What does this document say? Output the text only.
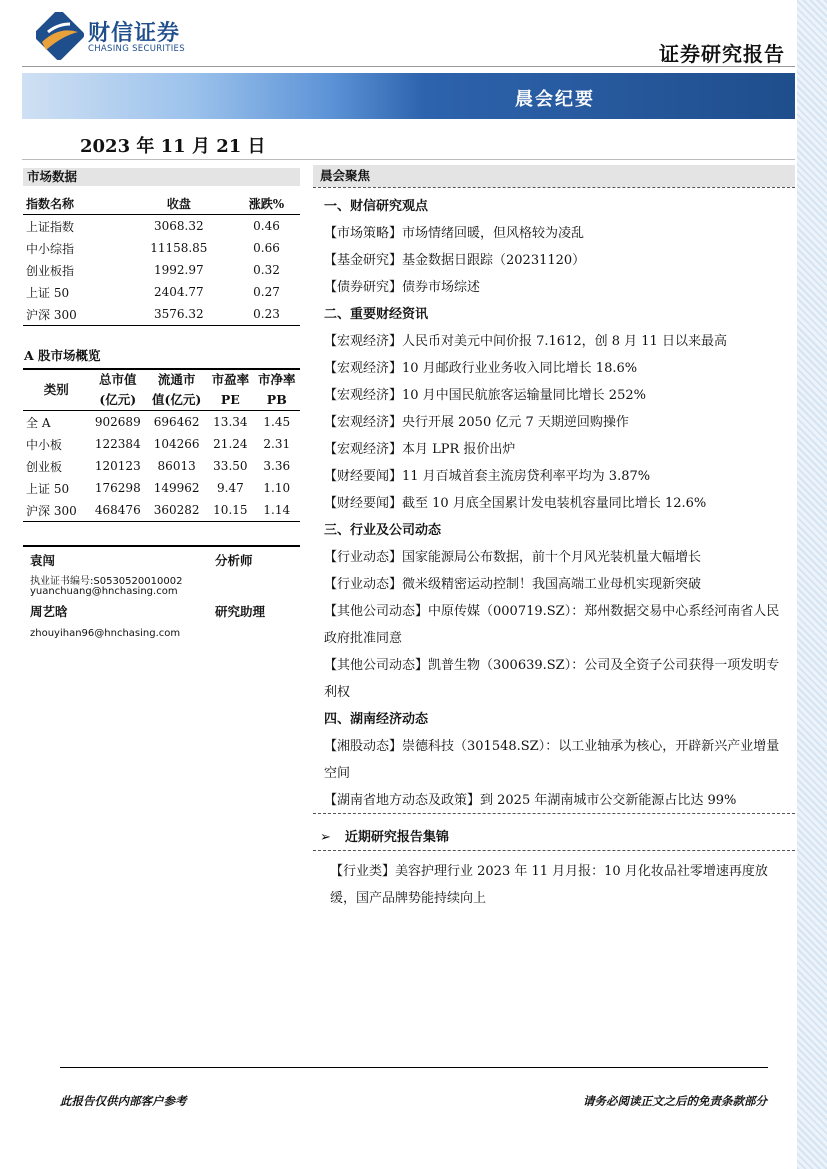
财信证券
CHASING SECURITIES	证券研究报告
晨会纪要
2023 年 11 月 21 日
市场数据
指数名称	收盘	涨跌%
上证指数	3068.32	0.46
中小综指	11158.85	0.66
创业板指	1992.97	0.32
上证 50	2404.77	0.27
沪深 300	3576.32	0.23
A 股市场概览
类别	总市值	流通市	市盈率	市净率
	(亿元)	值(亿元)	PE	PB
全 A	902689	696462	13.34	1.45
中小板	122384	104266	21.24	2.31
创业板	120123	86013	33.50	3.36
上证 50	176298	149962	9.47	1.10
沪深 300	468476	360282	10.15	1.14
袁闯	分析师
执业证书编号:S0530520010002
yuanchuang@hnchasing.com
周艺晗	研究助理
zhouyihan96@hnchasing.com
晨会聚焦
一、财信研究观点
【市场策略】市场情绪回暖，但风格较为凌乱
【基金研究】基金数据日跟踪（20231120）
【债券研究】债券市场综述
二、重要财经资讯
【宏观经济】人民币对美元中间价报 7.1612，创 8 月 11 日以来最高
【宏观经济】10 月邮政行业业务收入同比增长 18.6%
【宏观经济】10 月中国民航旅客运输量同比增长 252%
【宏观经济】央行开展 2050 亿元 7 天期逆回购操作
【宏观经济】本月 LPR 报价出炉
【财经要闻】11 月百城首套主流房贷利率平均为 3.87%
【财经要闻】截至 10 月底全国累计发电装机容量同比增长 12.6%
三、行业及公司动态
【行业动态】国家能源局公布数据，前十个月风光装机量大幅增长
【行业动态】微米级精密运动控制！我国高端工业母机实现新突破
【其他公司动态】中原传媒（000719.SZ）：郑州数据交易中心系经河南省人民政府批准同意
【其他公司动态】凯普生物（300639.SZ）：公司及全资子公司获得一项发明专利权
四、湖南经济动态
【湘股动态】崇德科技（301548.SZ）：以工业轴承为核心，开辟新兴产业增量空间
【湖南省地方动态及政策】到 2025 年湖南城市公交新能源占比达 99%
➢ 近期研究报告集锦
【行业类】美容护理行业 2023 年 11 月月报：10 月化妆品社零增速再度放缓，国产品牌势能持续向上
此报告仅供内部客户参考	请务必阅读正文之后的免责条款部分
